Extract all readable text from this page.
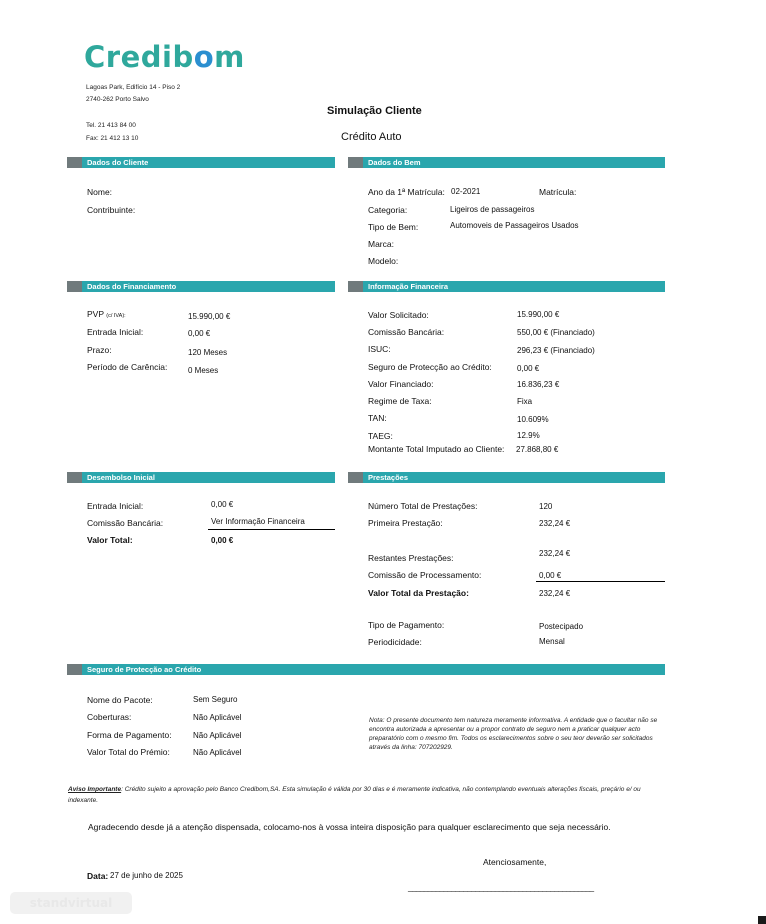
Credibom
Lagoas Park, Edifício 14 - Piso 2
2740-262 Porto Salvo
Tel. 21 413 84 00
Fax: 21 412 13 10
Simulação Cliente
Crédito Auto
Dados do Cliente	Dados do Bem
Nome:
Contribuinte:
Ano da 1ª Matrícula: 02-2021	Matrícula:
Categoria:	Ligeiros de passageiros
Tipo de Bem:	Automoveis de Passageiros Usados
Marca:
Modelo:
Dados do Financiamento	Informação Financeira
PVP (c/ IVA):	15.990,00 €
Entrada Inicial:	0,00 €
Prazo:	120 Meses
Período de Carência:	0 Meses
Valor Solicitado:	15.990,00 €
Comissão Bancária:	550,00 € (Financiado)
ISUC:	296,23 € (Financiado)
Seguro de Protecção ao Crédito:	0,00 €
Valor Financiado:	16.836,23 €
Regime de Taxa:	Fixa
TAN:	10.609%
TAEG:	12.9%
Montante Total Imputado ao Cliente: 27.868,80 €
Desembolso Inicial	Prestações
Entrada Inicial:	0,00 €
Comissão Bancária:	Ver Informação Financeira
Valor Total:	0,00 €
Número Total de Prestações:	120
Primeira Prestação:	232,24 €
Restantes Prestações:	232,24 €
Comissão de Processamento:	0,00 €
Valor Total da Prestação:	232,24 €
Tipo de Pagamento:	Postecipado
Periodicidade:	Mensal
Seguro de Protecção ao Crédito
Nome do Pacote:	Sem Seguro
Coberturas:	Não Aplicável
Forma de Pagamento:	Não Aplicável
Valor Total do Prémio:	Não Aplicável
Nota: O presente documento tem natureza meramente informativa. A entidade que o facultar não se encontra autorizada a apresentar ou a propor contrato de seguro nem a praticar qualquer acto preparatório com o mesmo fim. Todos os esclarecimentos sobre o seu teor deverão ser solicitados através da linha: 707202929.
Aviso Importante: Crédito sujeito a aprovação pelo Banco Credibom,SA. Esta simulação é válida por 30 dias e é meramente indicativa, não contemplando eventuais alterações fiscais, preçário e/ ou indexante.
Agradecendo desde já a atenção dispensada, colocamo-nos à vossa inteira disposição para qualquer esclarecimento que seja necessário.
Atenciosamente,
Data: 27 de junho de 2025
_______________________________________________
standvirtual
